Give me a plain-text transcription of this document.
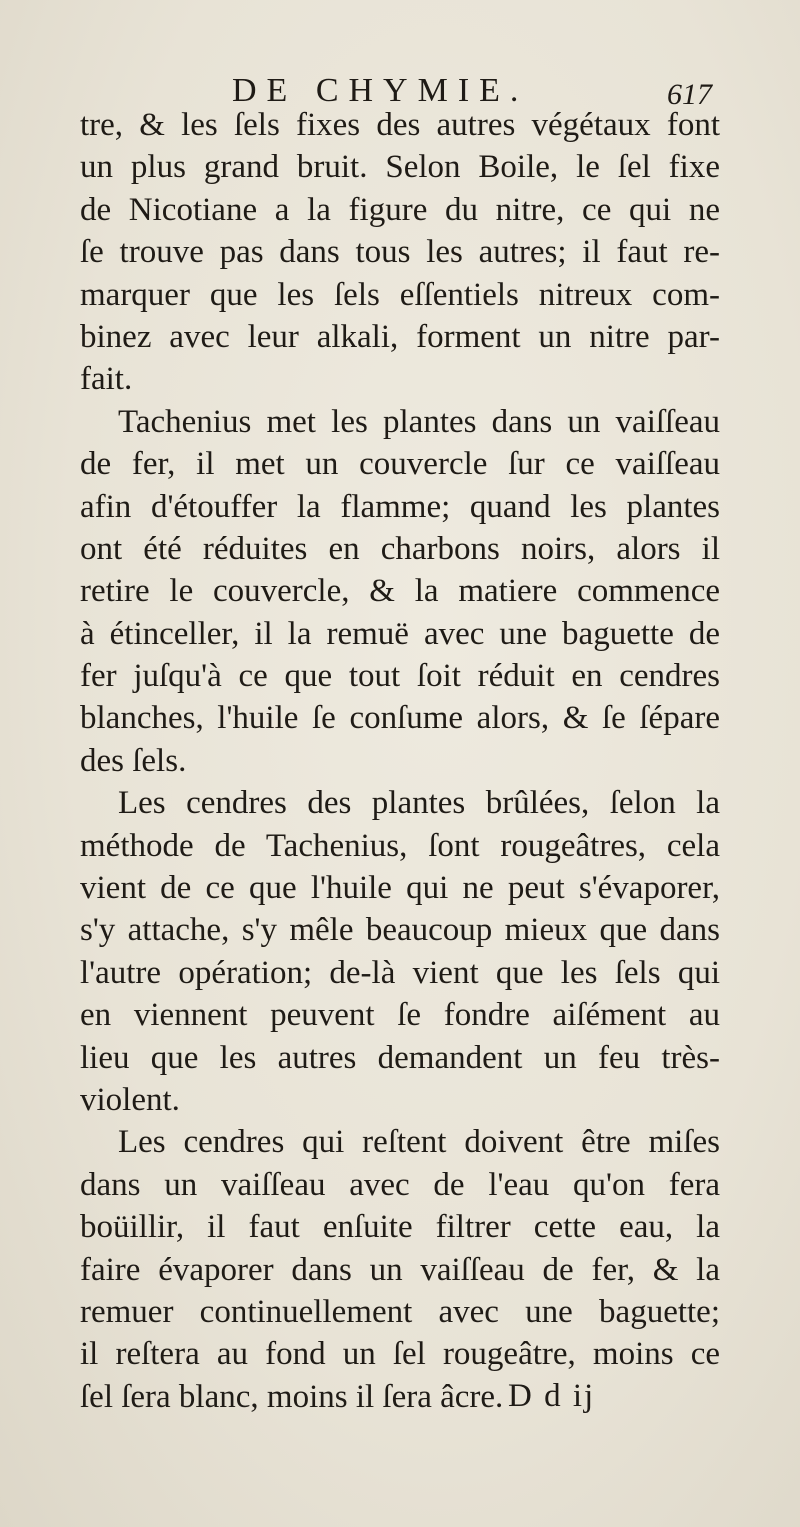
DE CHYMIE.	617
tre, & les ſels fixes des autres végétaux font
un plus grand bruit. Selon Boile, le ſel fixe
de Nicotiane a la figure du nitre, ce qui ne
ſe trouve pas dans tous les autres; il faut re-
marquer que les ſels eſſentiels nitreux com-
binez avec leur alkali, forment un nitre par-
fait.
Tachenius met les plantes dans un vaiſſeau
de fer, il met un couvercle ſur ce vaiſſeau
afin d'étouffer la flamme; quand les plantes
ont été réduites en charbons noirs, alors il
retire le couvercle, & la matiere commence
à étinceller, il la remuë avec une baguette de
fer juſqu'à ce que tout ſoit réduit en cendres
blanches, l'huile ſe conſume alors, & ſe ſépare
des ſels.
Les cendres des plantes brûlées, ſelon la
méthode de Tachenius, ſont rougeâtres, cela
vient de ce que l'huile qui ne peut s'évaporer,
s'y attache, s'y mêle beaucoup mieux que dans
l'autre opération; de-là vient que les ſels qui
en viennent peuvent ſe fondre aiſément au
lieu que les autres demandent un feu très-
violent.
Les cendres qui reſtent doivent être miſes
dans un vaiſſeau avec de l'eau qu'on fera
boüillir, il faut enſuite filtrer cette eau, la
faire évaporer dans un vaiſſeau de fer, & la
remuer continuellement avec une baguette;
il reſtera au fond un ſel rougeâtre, moins ce
ſel ſera blanc, moins il ſera âcre. D d ij
